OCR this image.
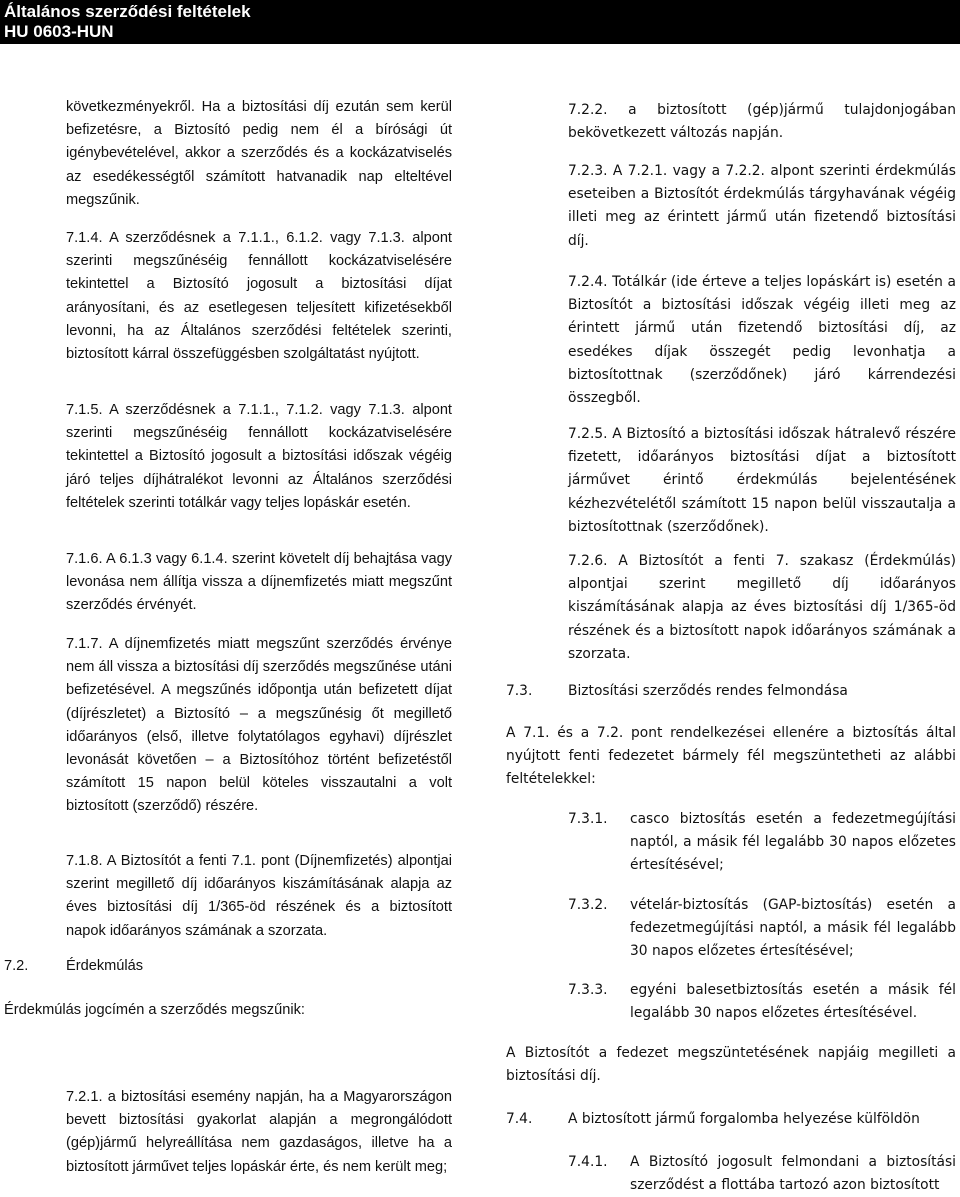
Általános szerződési feltételek
HU 0603-HUN
következményekről. Ha a biztosítási díj ezután sem kerül befizetésre, a Biztosító pedig nem él a bírósági út igénybevételével, akkor a szerződés és a kockázatviselés az esedékességtől számított hatvanadik nap elteltével megszűnik.
7.1.4. A szerződésnek a 7.1.1., 6.1.2. vagy 7.1.3. alpont szerinti megszűnéséig fennállott kockázatviselésére tekintettel a Biztosító jogosult a biztosítási díjat arányosítani, és az esetlegesen teljesített kifizetésekből levonni, ha az Általános szerződési feltételek szerinti, biztosított kárral összefüggésben szolgáltatást nyújtott.
7.1.5. A szerződésnek a 7.1.1., 7.1.2. vagy 7.1.3. alpont szerinti megszűnéséig fennállott kockázatviselésére tekintettel a Biztosító jogosult a biztosítási időszak végéig járó teljes díjhátralékot levonni az Általános szerződési feltételek szerinti totálkár vagy teljes lopáskár esetén.
7.1.6. A 6.1.3 vagy 6.1.4. szerint követelt díj behajtása vagy levonása nem állítja vissza a díjnemfizetés miatt megszűnt szerződés érvényét.
7.1.7. A díjnemfizetés miatt megszűnt szerződés érvénye nem áll vissza a biztosítási díj szerződés megszűnése utáni befizetésével. A megszűnés időpontja után befizetett díjat (díjrészletet) a Biztosító – a megszűnésig őt megillető időarányos (első, illetve folytatólagos egyhavi) díjrészlet levonását követően – a Biztosítóhoz történt befizetéstől számított 15 napon belül köteles visszautalni a volt biztosított (szerződő) részére.
7.1.8. A Biztosítót a fenti 7.1. pont (Díjnemfizetés) alpontjai szerint megillető díj időarányos kiszámításának alapja az éves biztosítási díj 1/365-öd részének és a biztosított napok időarányos számának a szorzata.
7.2.	Érdekmúlás
Érdekmúlás jogcímén a szerződés megszűnik:
7.2.1. a biztosítási esemény napján, ha a Magyarországon bevett biztosítási gyakorlat alapján a megrongálódott (gép)jármű helyreállítása nem gazdaságos, illetve ha a biztosított járművet teljes lopáskár érte, és nem került meg;
7.2.2. a biztosított (gép)jármű tulajdonjogában bekövetkezett változás napján.
7.2.3. A 7.2.1. vagy a 7.2.2. alpont szerinti érdekmúlás eseteiben a Biztosítót érdekmúlás tárgyhavának végéig illeti meg az érintett jármű után fizetendő biztosítási díj.
7.2.4. Totálkár (ide érteve a teljes lopáskárt is) esetén a Biztosítót a biztosítási időszak végéig illeti meg az érintett jármű után fizetendő biztosítási díj, az esedékes díjak összegét pedig levonhatja a biztosítottnak (szerződőnek) járó kárrendezési összegből.
7.2.5. A Biztosító a biztosítási időszak hátralevő részére fizetett, időarányos biztosítási díjat a biztosított járművet érintő érdekmúlás bejelentésének kézhezvételétől számított 15 napon belül visszautalja a biztosítottnak (szerződőnek).
7.2.6. A Biztosítót a fenti 7. szakasz (Érdekmúlás) alpontjai szerint megillető díj időarányos kiszámításának alapja az éves biztosítási díj 1/365-öd részének és a biztosított napok időarányos számának a szorzata.
7.3.	Biztosítási szerződés rendes felmondása
A 7.1. és a 7.2. pont rendelkezései ellenére a biztosítás által nyújtott fenti fedezetet bármely fél megszüntetheti az alábbi feltételekkel:
7.3.1. casco biztosítás esetén a fedezetmegújítási naptól, a másik fél legalább 30 napos előzetes értesítésével;
7.3.2. vételár-biztosítás (GAP-biztosítás) esetén a fedezetmegújítási naptól, a másik fél legalább 30 napos előzetes értesítésével;
7.3.3. egyéni balesetbiztosítás esetén a másik fél legalább 30 napos előzetes értesítésével.
A Biztosítót a fedezet megszüntetésének napjáig megilleti a biztosítási díj.
7.4.	A biztosított jármű forgalomba helyezése külföldön
7.4.1. A Biztosító jogosult felmondani a biztosítási szerződést a flottába tartozó azon biztosított
